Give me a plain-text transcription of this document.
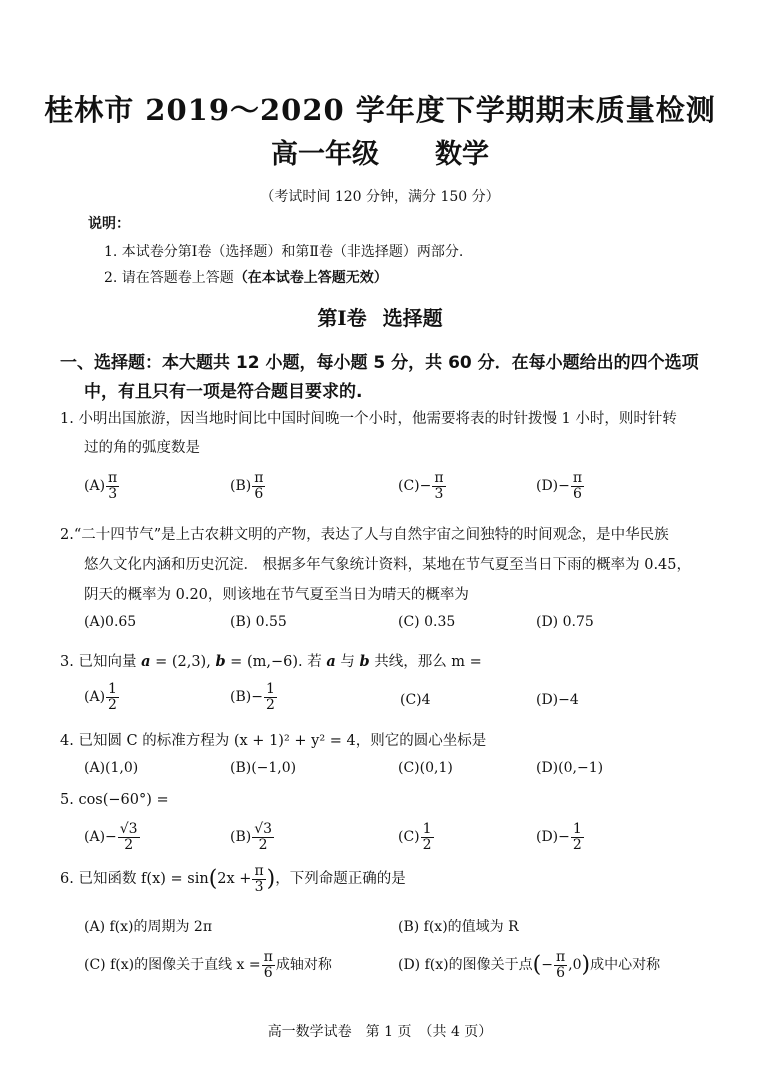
桂林市 2019～2020 学年度下学期期末质量检测
高一年级 数学
（考试时间 120 分钟，满分 150 分）
说明：
1. 本试卷分第Ⅰ卷（选择题）和第Ⅱ卷（非选择题）两部分.
2. 请在答题卷上答题（在本试卷上答题无效）
第Ⅰ卷 选择题
一、选择题：本大题共 12 小题，每小题 5 分，共 60 分．在每小题给出的四个选项
中，有且只有一项是符合题目要求的.
1. 小明出国旅游，因当地时间比中国时间晚一个小时，他需要将表的时针拨慢 1 小时，则时针转
过的角的弧度数是
$(A) \frac{\pi}{3}$	$(B) \frac{\pi}{6}$	$(C)- \frac{\pi}{3}$	$(D)- \frac{\pi}{6}$
2.“二十四节气”是上古农耕文明的产物，表达了人与自然宇宙之间独特的时间观念，是中华民族
悠久文化内涵和历史沉淀． 根据多年气象统计资料，某地在节气夏至当日下雨的概率为 0.45，
阴天的概率为 0.20，则该地在节气夏至当日为晴天的概率为
(A)0.65	(B) 0.55	(C) 0.35	(D) 0.75
3. 已知向量 a = (2,3), b = (m,−6). 若 a 与 b 共线，那么 m =
$(A) \frac{1}{2}$	$(B)- \frac{1}{2}$	(C)4	(D)−4
4. 已知圆 C 的标准方程为 (x + 1)² + y² = 4，则它的圆心坐标是
(A)(1,0)	(B)(−1,0)	(C)(0,1)	(D)(0,−1)
5. cos(−60°) =
$(A)- \frac{√3}{2}$	$(B) \frac{√3}{2}$	$(C) \frac{1}{2}$	$(D)- \frac{1}{2}$
6. 已知函数 $f(x) = \sin(2x + \frac{\pi}{3}$ )，下列命题正确的是
(A) f(x)的周期为 2π	(B) f(x)的值域为 R
(C) f(x)的图像关于直线 $x = \frac{\pi}{6}$ 成轴对称	(D) f(x)的图像关于点(− $\frac{\pi}{6} ,0$)成中心对称
高一数学试卷　第 1 页　（共 4 页）
